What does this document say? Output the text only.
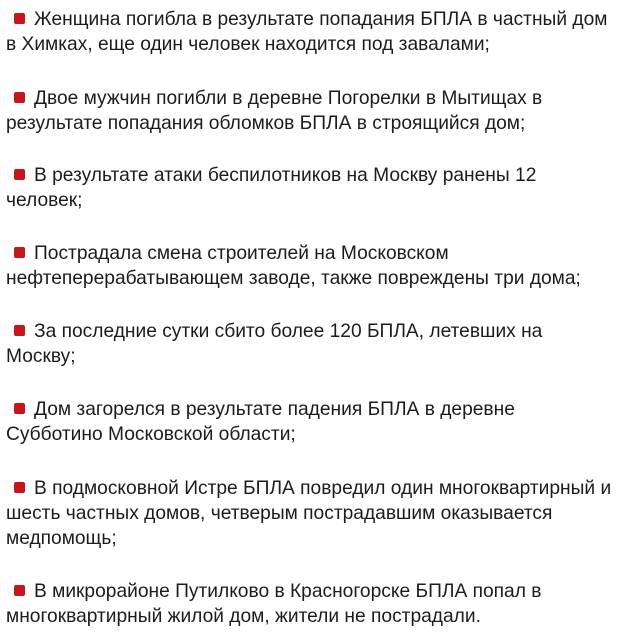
Женщина погибла в результате попадания БПЛА в частный дом в Химках, еще один человек находится под завалами;

Двое мужчин погибли в деревне Погорелки в Мытищах в результате попадания обломков БПЛА в строящийся дом;

В результате атаки беспилотников на Москву ранены 12 человек;

Пострадала смена строителей на Московском нефтеперерабатывающем заводе, также повреждены три дома;

За последние сутки сбито более 120 БПЛА, летевших на Москву;

Дом загорелся в результате падения БПЛА в деревне Субботино Московской области;

В подмосковной Истре БПЛА повредил один многоквартирный и шесть частных домов, четверым пострадавшим оказывается медпомощь;

В микрорайоне Путилково в Красногорске БПЛА попал в многоквартирный жилой дом, жители не пострадали.
